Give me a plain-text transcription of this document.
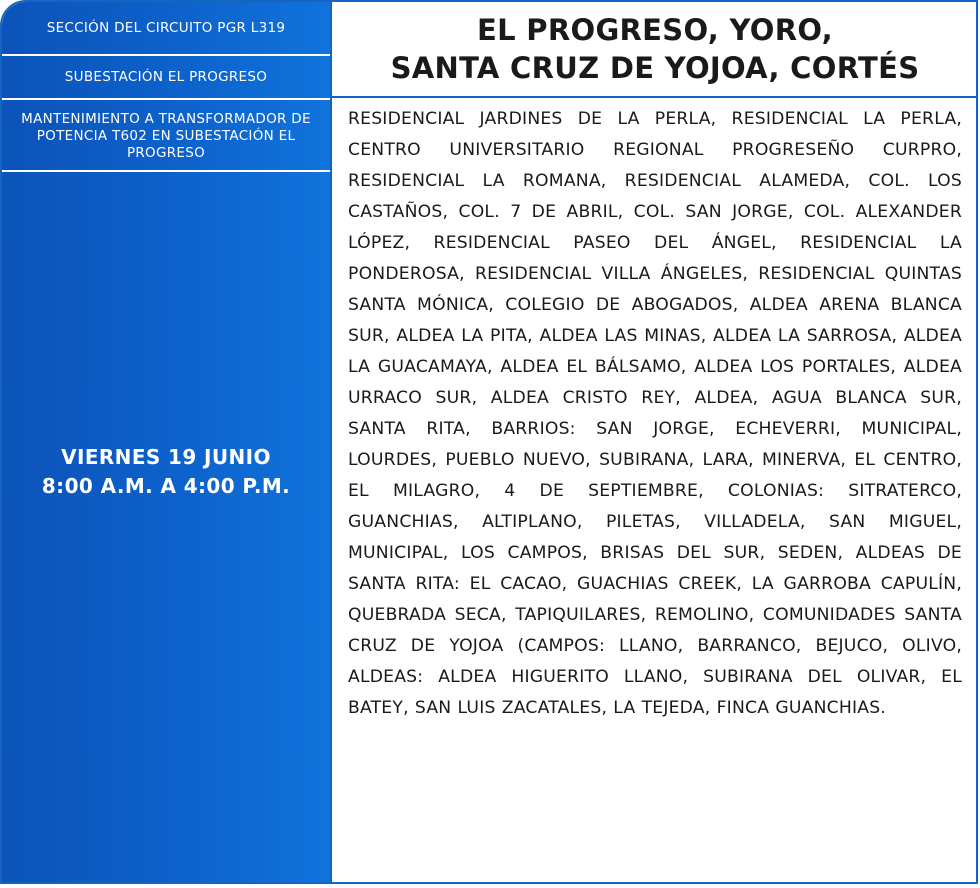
SECCIÓN DEL CIRCUITO PGR L319
SUBESTACIÓN EL PROGRESO
MANTENIMIENTO A TRANSFORMADOR DE POTENCIA T602 EN SUBESTACIÓN EL PROGRESO
VIERNES 19 JUNIO
8:00 A.M. A 4:00 P.M.
EL PROGRESO, YORO,
SANTA CRUZ DE YOJOA, CORTÉS
RESIDENCIAL JARDINES DE LA PERLA, RESIDENCIAL LA PERLA, CENTRO UNIVERSITARIO REGIONAL PROGRESEÑO CURPRO, RESIDENCIAL LA ROMANA, RESIDENCIAL ALAMEDA, COL. LOS CASTAÑOS, COL. 7 DE ABRIL, COL. SAN JORGE, COL. ALEXANDER LÓPEZ, RESIDENCIAL PASEO DEL ÁNGEL, RESIDENCIAL LA PONDEROSA, RESIDENCIAL VILLA ÁNGELES, RESIDENCIAL QUINTAS SANTA MÓNICA, COLEGIO DE ABOGADOS, ALDEA ARENA BLANCA SUR, ALDEA LA PITA, ALDEA LAS MINAS, ALDEA LA SARROSA, ALDEA LA GUACAMAYA, ALDEA EL BÁLSAMO, ALDEA LOS PORTALES, ALDEA URRACO SUR, ALDEA CRISTO REY, ALDEA, AGUA BLANCA SUR, SANTA RITA, BARRIOS: SAN JORGE, ECHEVERRI, MUNICIPAL, LOURDES, PUEBLO NUEVO, SUBIRANA, LARA, MINERVA, EL CENTRO, EL MILAGRO, 4 DE SEPTIEMBRE, COLONIAS: SITRATERCO, GUANCHIAS, ALTIPLANO, PILETAS, VILLADELA, SAN MIGUEL, MUNICIPAL, LOS CAMPOS, BRISAS DEL SUR, SEDEN, ALDEAS DE SANTA RITA: EL CACAO, GUACHIAS CREEK, LA GARROBA CAPULÍN, QUEBRADA SECA, TAPIQUILARES, REMOLINO, COMUNIDADES SANTA CRUZ DE YOJOA (CAMPOS: LLANO, BARRANCO, BEJUCO, OLIVO, ALDEAS: ALDEA HIGUERITO LLANO, SUBIRANA DEL OLIVAR, EL BATEY, SAN LUIS ZACATALES, LA TEJEDA, FINCA GUANCHIAS.
